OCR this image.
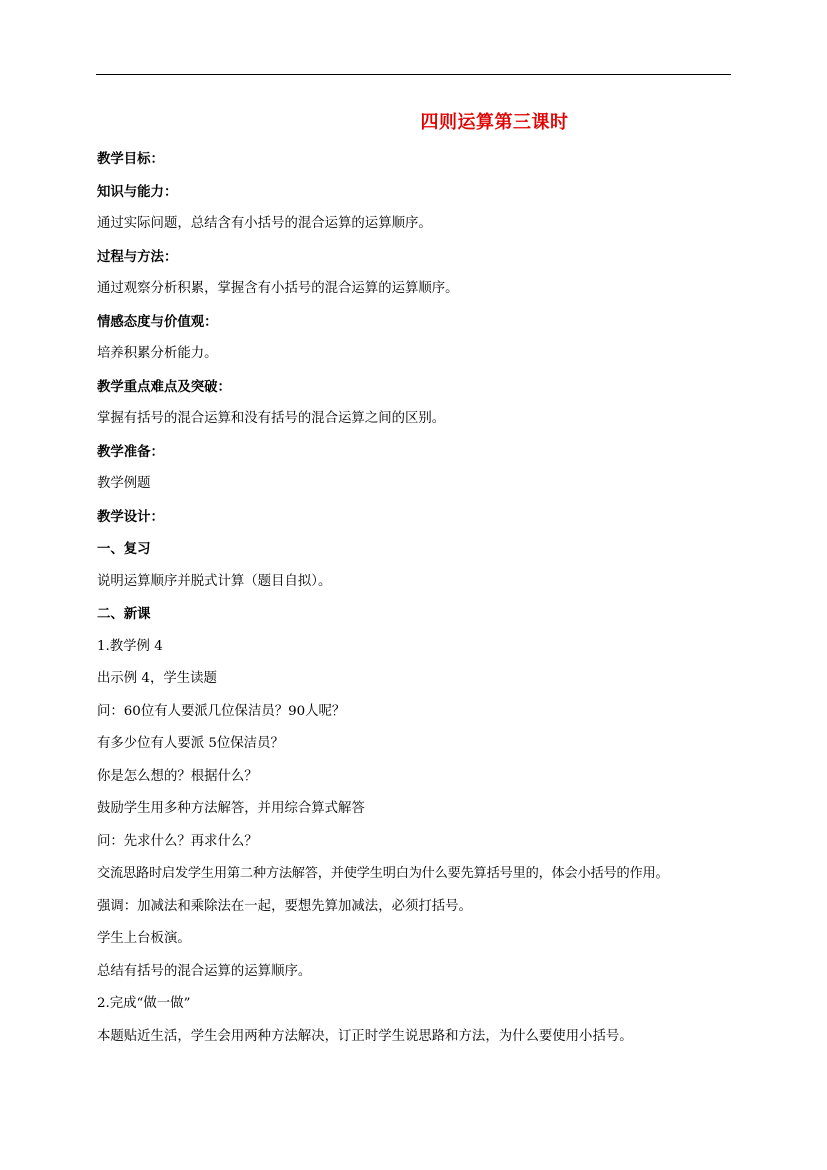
四则运算第三课时
教学目标：
知识与能力：
通过实际问题，总结含有小括号的混合运算的运算顺序。
过程与方法：
通过观察分析积累，掌握含有小括号的混合运算的运算顺序。
情感态度与价值观：
培养积累分析能力。
教学重点难点及突破：
掌握有括号的混合运算和没有括号的混合运算之间的区别。
教学准备：
教学例题
教学设计：
一、复习
说明运算顺序并脱式计算（题目自拟）。
二、新课
1.教学例 4
出示例 4，学生读题
问：60位有人要派几位保洁员？90人呢？
有多少位有人要派 5位保洁员？
你是怎么想的？根据什么？
鼓励学生用多种方法解答，并用综合算式解答
问：先求什么？再求什么？
交流思路时启发学生用第二种方法解答，并使学生明白为什么要先算括号里的，体会小括号的作用。
强调：加减法和乘除法在一起，要想先算加减法，必须打括号。
学生上台板演。
总结有括号的混合运算的运算顺序。
2.完成“做一做”
本题贴近生活，学生会用两种方法解决，订正时学生说思路和方法，为什么要使用小括号。
